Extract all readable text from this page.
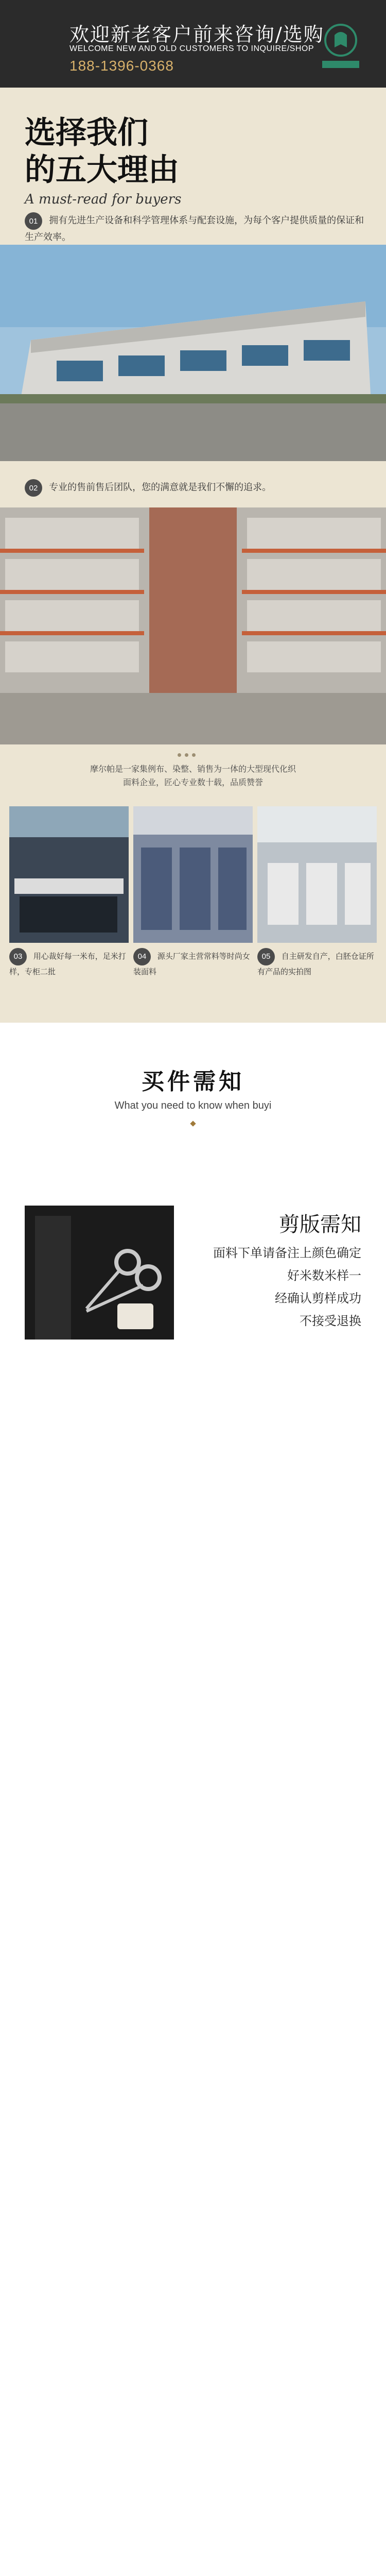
欢迎新老客户前来咨询/选购
WELCOME NEW AND OLD CUSTOMERS TO INQUIRE/SHOP
188-1396-0368
选择我们
的五大理由
A must-read for buyers
01 拥有先进生产设备和科学管理体系与配套设施，为每个客户提供质量的保证和生产效率。
02 专业的售前售后团队，您的满意就是我们不懈的追求。
摩尔帕是一家集例布、染整、销售为一体的大型现代化织
面料企业，匠心专业数十载，品质赞誉
03 用心裁好每一米布，足米打样，专柜二批
04 源头厂家主营常料等时尚女装面料
05 自主研发自产，白胚仓证所有产品的实拍图
买件需知
What you need to know when buyi
剪版需知
面料下单请备注上颜色确定
好米数米样一
经确认剪样成功
不接受退换
